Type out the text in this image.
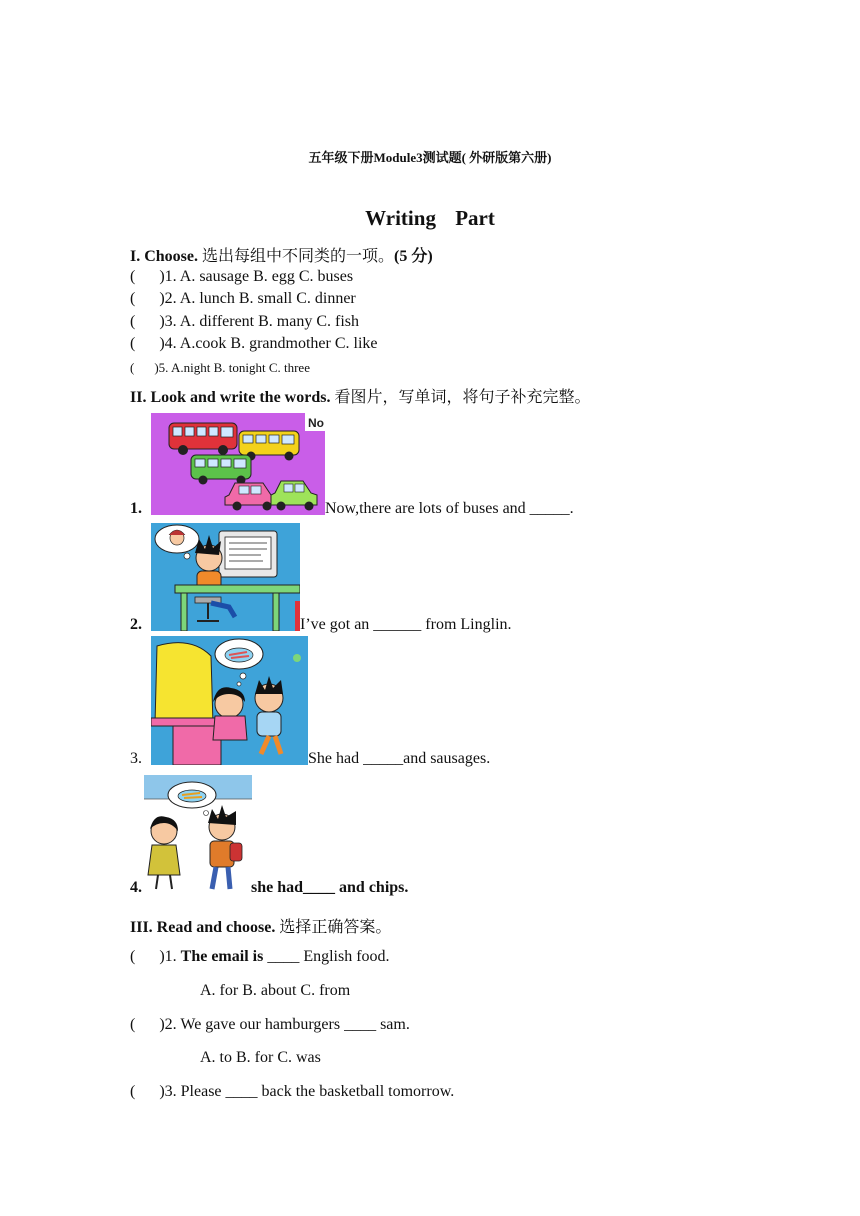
五年级下册Module3测试题( 外研版第六册)
Writing Part
I. Choose. 选出每组中不同类的一项。(5 分)
( )1. A. sausage B. egg C. buses
( )2. A. lunch B. small C. dinner
( )3. A. different B. many C. fish
( )4. A.cook B. grandmother C. like
( )5. A.night B. tonight C. three
II. Look and write the words. 看图片，写单词，将句子补充完整。
No
1.	Now,there are lots of buses and _____.
2.	I’ve got an ______ from Linglin.
3.	She had _____and sausages.
4.	she had____ and chips.
III. Read and choose. 选择正确答案。
( )1. The email is ____ English food.
A. for B. about C. from
( )2. We gave our hamburgers ____ sam.
A. to B. for C. was
( )3. Please ____ back the basketball tomorrow.
